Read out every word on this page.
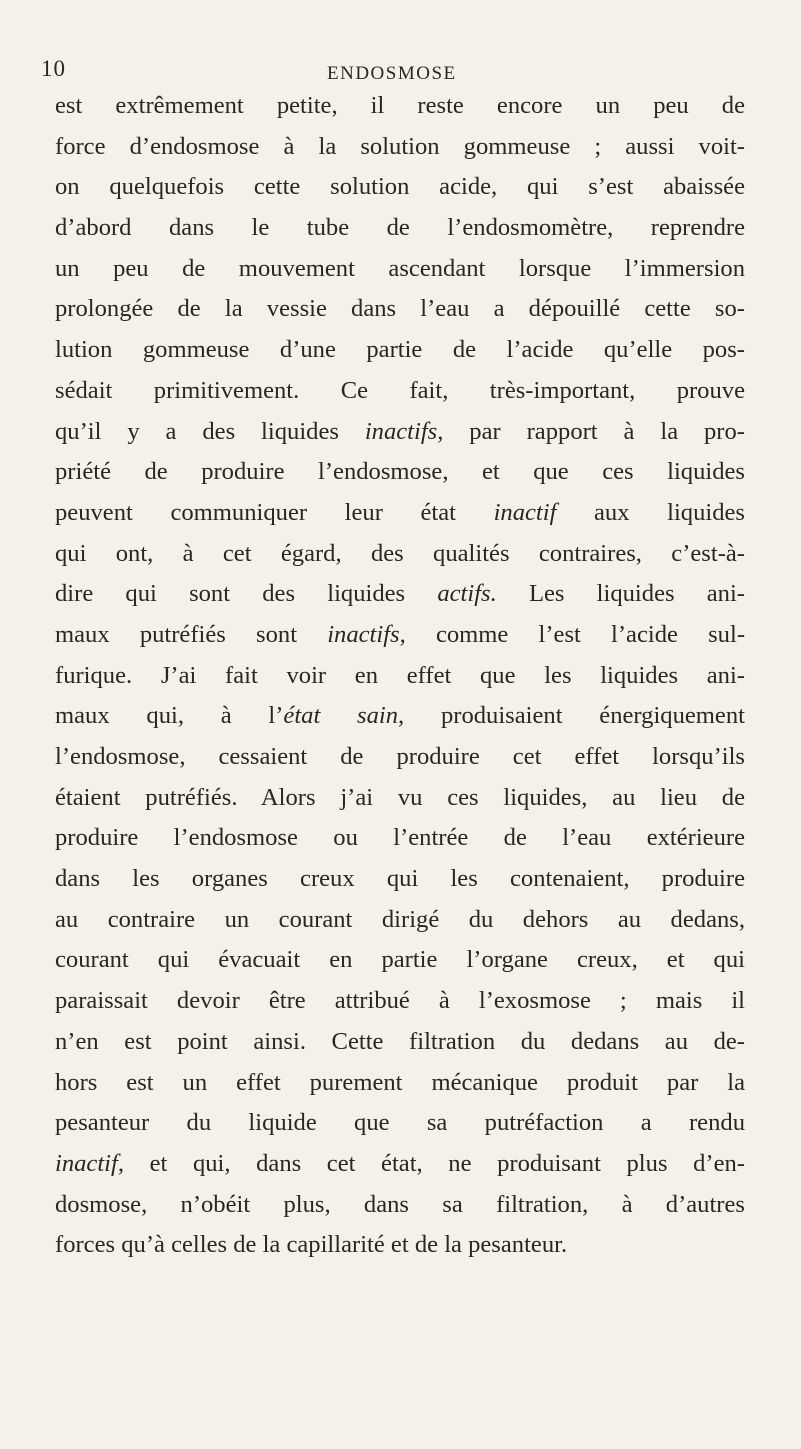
10	ENDOSMOSE
est extrêmement petite, il reste encore un peu de
force d’endosmose à la solution gommeuse ; aussi voit-
on quelquefois cette solution acide, qui s’est abaissée
d’abord dans le tube de l’endosmomètre, reprendre
un peu de mouvement ascendant lorsque l’immersion
prolongée de la vessie dans l’eau a dépouillé cette so-
lution gommeuse d’une partie de l’acide qu’elle pos-
sédait primitivement. Ce fait, très-important, prouve
qu’il y a des liquides inactifs, par rapport à la pro-
priété de produire l’endosmose, et que ces liquides
peuvent communiquer leur état inactif aux liquides
qui ont, à cet égard, des qualités contraires, c’est-à-
dire qui sont des liquides actifs. Les liquides ani-
maux putréfiés sont inactifs, comme l’est l’acide sul-
furique. J’ai fait voir en effet que les liquides ani-
maux qui, à l’état sain, produisaient énergiquement
l’endosmose, cessaient de produire cet effet lorsqu’ils
étaient putréfiés. Alors j’ai vu ces liquides, au lieu de
produire l’endosmose ou l’entrée de l’eau extérieure
dans les organes creux qui les contenaient, produire
au contraire un courant dirigé du dehors au dedans,
courant qui évacuait en partie l’organe creux, et qui
paraissait devoir être attribué à l’exosmose ; mais il
n’en est point ainsi. Cette filtration du dedans au de-
hors est un effet purement mécanique produit par la
pesanteur du liquide que sa putréfaction a rendu
inactif, et qui, dans cet état, ne produisant plus d’en-
dosmose, n’obéit plus, dans sa filtration, à d’autres
forces qu’à celles de la capillarité et de la pesanteur.
